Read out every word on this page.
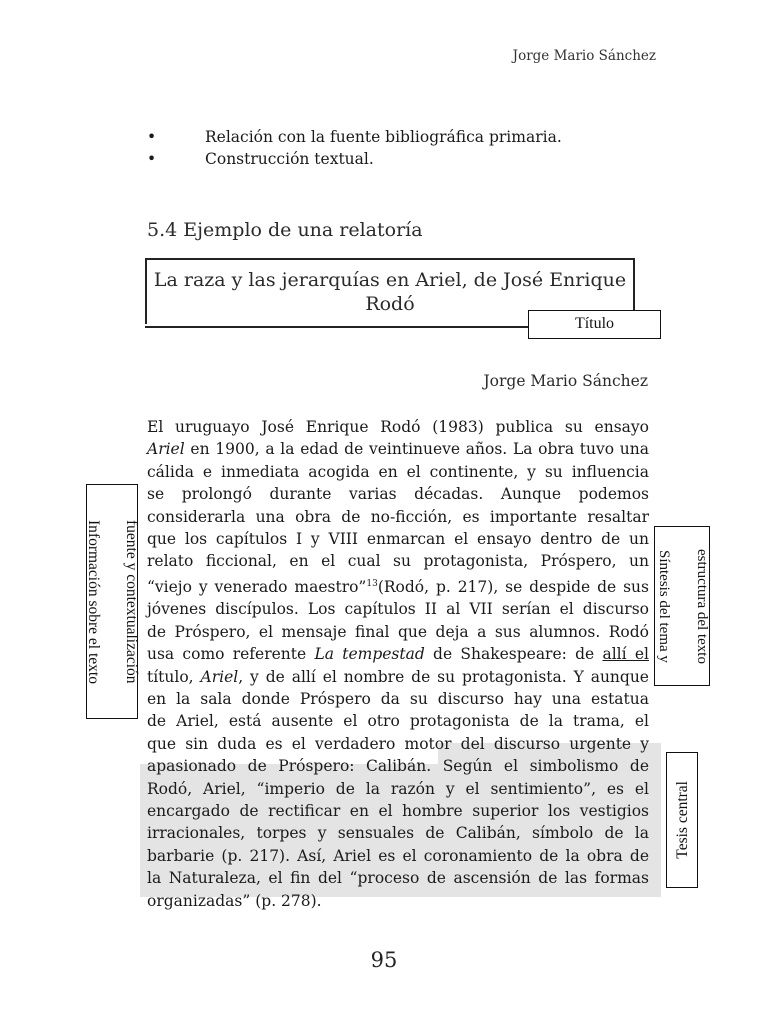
Jorge Mario Sánchez
• Relación con la fuente bibliográfica primaria.
• Construcción textual.
5.4 Ejemplo de una relatoría
La raza y las jerarquías en Ariel, de José Enrique
Rodó
Título
Jorge Mario Sánchez
El uruguayo José Enrique Rodó (1983) publica su ensayo
Ariel en 1900, a la edad de veintinueve años. La obra tuvo una
cálida e inmediata acogida en el continente, y su influencia
se prolongó durante varias décadas. Aunque podemos
considerarla una obra de no-ficción, es importante resaltar
que los capítulos I y VIII enmarcan el ensayo dentro de un
relato ficcional, en el cual su protagonista, Próspero, un
“viejo y venerado maestro”$^{13}$(Rodó, p. 217), se despide de sus
jóvenes discípulos. Los capítulos II al VII serían el discurso
de Próspero, el mensaje final que deja a sus alumnos. Rodó
usa como referente La tempestad de Shakespeare: de allí el
título, Ariel, y de allí el nombre de su protagonista. Y aunque
en la sala donde Próspero da su discurso hay una estatua
de Ariel, está ausente el otro protagonista de la trama, el
que sin duda es el verdadero motor del discurso urgente y
apasionado de Próspero: Calibán. Según el simbolismo de
Rodó, Ariel, “imperio de la razón y el sentimiento”, es el
encargado de rectificar en el hombre superior los vestigios
irracionales, torpes y sensuales de Calibán, símbolo de la
barbarie (p. 217). Así, Ariel es el coronamiento de la obra de
la Naturaleza, el fin del “proceso de ascensión de las formas
organizadas” (p. 278).
Información sobre el texto fuente y contextualización	Síntesis del tema y estructura del texto
Tesis central
95
